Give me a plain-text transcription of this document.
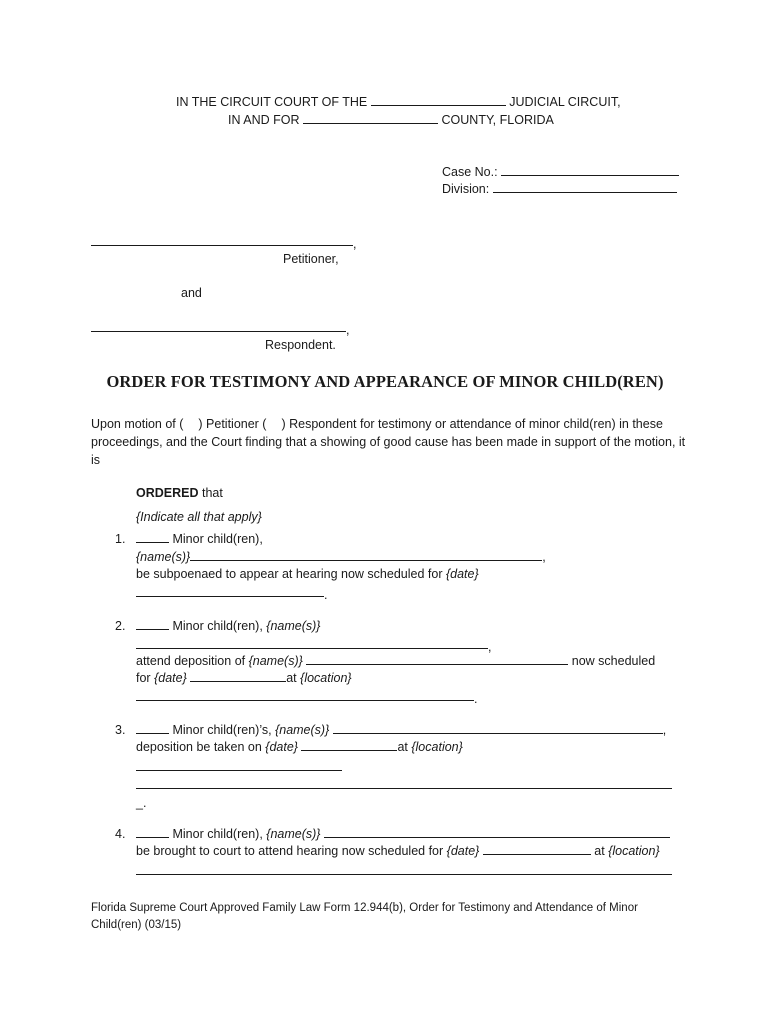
IN THE CIRCUIT COURT OF THE	JUDICIAL CIRCUIT,
IN AND FOR	COUNTY, FLORIDA
Case No.:
Division:
,
Petitioner,
and
,
Respondent.
ORDER FOR TESTIMONY AND APPEARANCE OF MINOR CHILD(REN)
Upon motion of ( ) Petitioner ( ) Respondent for testimony or attendance of minor child(ren) in these proceedings, and the Court finding that a showing of good cause has been made in support of the motion, it is
ORDERED that
{Indicate all that apply}
1.	Minor child(ren),
{name(s)}	,
be subpoenaed to appear at hearing now scheduled for {date}
.
2.	Minor child(ren), {name(s)}
,
attend deposition of {name(s)}	now scheduled
for {date}	at {location}
.
3.	Minor child(ren)’s, {name(s)}	,
deposition be taken on {date}	at {location}
_.
4.	Minor child(ren), {name(s)}
be brought to court to attend hearing now scheduled for {date}	at {location}
Florida Supreme Court Approved Family Law Form 12.944(b), Order for Testimony and Attendance of Minor
Child(ren) (03/15)
